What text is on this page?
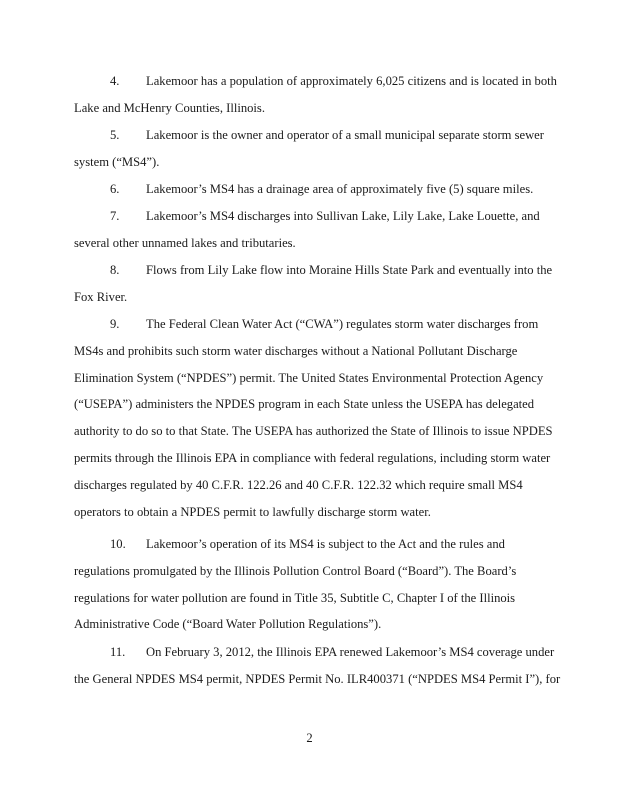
4. Lakemoor has a population of approximately 6,025 citizens and is located in both
Lake and McHenry Counties, Illinois.
5. Lakemoor is the owner and operator of a small municipal separate storm sewer
system (“MS4”).
6. Lakemoor’s MS4 has a drainage area of approximately five (5) square miles.
7. Lakemoor’s MS4 discharges into Sullivan Lake, Lily Lake, Lake Louette, and
several other unnamed lakes and tributaries.
8. Flows from Lily Lake flow into Moraine Hills State Park and eventually into the
Fox River.
9. The Federal Clean Water Act (“CWA”) regulates storm water discharges from
MS4s and prohibits such storm water discharges without a National Pollutant Discharge
Elimination System (“NPDES”) permit. The United States Environmental Protection Agency
(“USEPA”) administers the NPDES program in each State unless the USEPA has delegated
authority to do so to that State. The USEPA has authorized the State of Illinois to issue NPDES
permits through the Illinois EPA in compliance with federal regulations, including storm water
discharges regulated by 40 C.F.R. 122.26 and 40 C.F.R. 122.32 which require small MS4
operators to obtain a NPDES permit to lawfully discharge storm water.
10. Lakemoor’s operation of its MS4 is subject to the Act and the rules and
regulations promulgated by the Illinois Pollution Control Board (“Board”). The Board’s
regulations for water pollution are found in Title 35, Subtitle C, Chapter I of the Illinois
Administrative Code (“Board Water Pollution Regulations”).
11. On February 3, 2012, the Illinois EPA renewed Lakemoor’s MS4 coverage under
the General NPDES MS4 permit, NPDES Permit No. ILR400371 (“NPDES MS4 Permit I”), for
2
